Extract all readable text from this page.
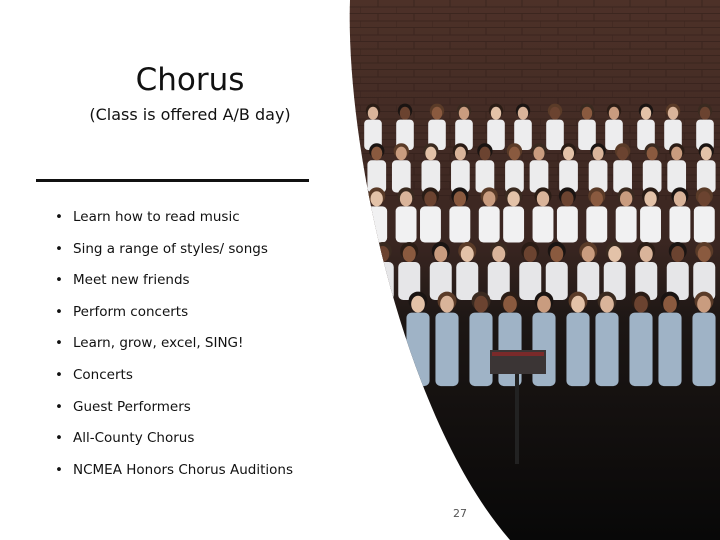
Chorus
(Class is offered A/B day)
• Learn how to read music
• Sing a range of styles/ songs
• Meet new friends
• Perform concerts
• Learn, grow, excel, SING!
• Concerts
• Guest Performers
• All-County Chorus
• NCMEA Honors Chorus Auditions
27
